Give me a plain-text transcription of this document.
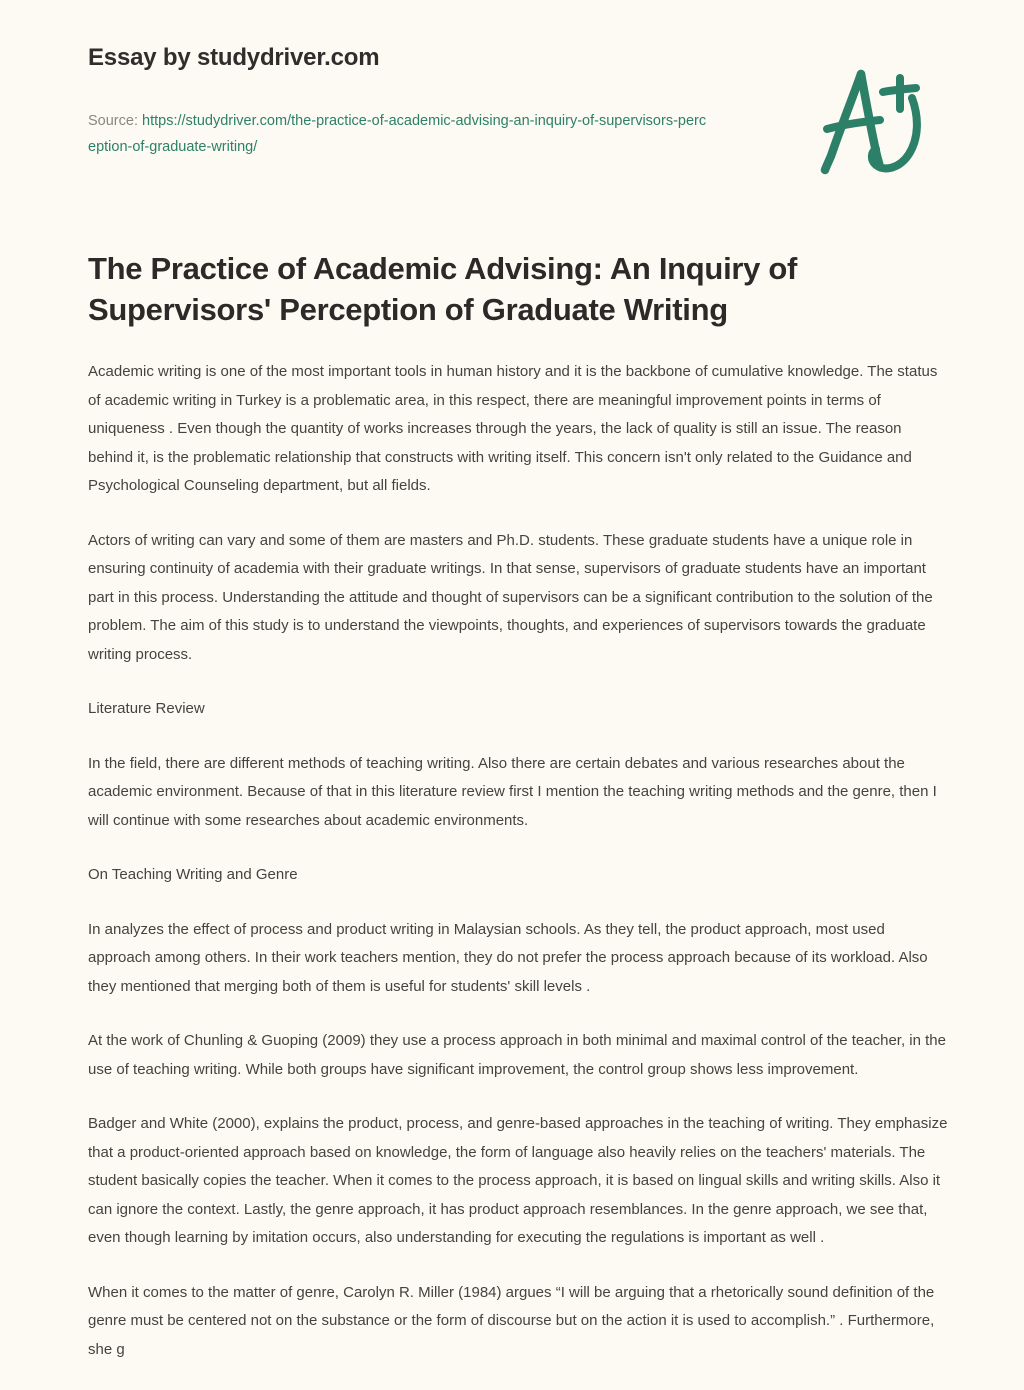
Essay by studydriver.com
Source: https://studydriver.com/the-practice-of-academic-advising-an-inquiry-of-supervisors-perception-of-graduate-writing/
The Practice of Academic Advising: An Inquiry of Supervisors' Perception of Graduate Writing

Academic writing is one of the most important tools in human history and it is the backbone of cumulative knowledge. The status of academic writing in Turkey is a problematic area, in this respect, there are meaningful improvement points in terms of uniqueness . Even though the quantity of works increases through the years, the lack of quality is still an issue. The reason behind it, is the problematic relationship that constructs with writing itself. This concern isn't only related to the Guidance and Psychological Counseling department, but all fields.

Actors of writing can vary and some of them are masters and Ph.D. students. These graduate students have a unique role in ensuring continuity of academia with their graduate writings. In that sense, supervisors of graduate students have an important part in this process. Understanding the attitude and thought of supervisors can be a significant contribution to the solution of the problem. The aim of this study is to understand the viewpoints, thoughts, and experiences of supervisors towards the graduate writing process.

Literature Review

In the field, there are different methods of teaching writing. Also there are certain debates and various researches about the academic environment. Because of that in this literature review first I mention the teaching writing methods and the genre, then I will continue with some researches about academic environments.

On Teaching Writing and Genre

In analyzes the effect of process and product writing in Malaysian schools. As they tell, the product approach, most used approach among others. In their work teachers mention, they do not prefer the process approach because of its workload. Also they mentioned that merging both of them is useful for students' skill levels .

At the work of Chunling & Guoping (2009) they use a process approach in both minimal and maximal control of the teacher, in the use of teaching writing. While both groups have significant improvement, the control group shows less improvement.

Badger and White (2000), explains the product, process, and genre-based approaches in the teaching of writing. They emphasize that a product-oriented approach based on knowledge, the form of language also heavily relies on the teachers' materials. The student basically copies the teacher. When it comes to the process approach, it is based on lingual skills and writing skills. Also it can ignore the context. Lastly, the genre approach, it has product approach resemblances. In the genre approach, we see that, even though learning by imitation occurs, also understanding for executing the regulations is important as well .

When it comes to the matter of genre, Carolyn R. Miller (1984) argues “I will be arguing that a rhetorically sound definition of the genre must be centered not on the substance or the form of discourse but on the action it is used to accomplish.” . Furthermore, she g
